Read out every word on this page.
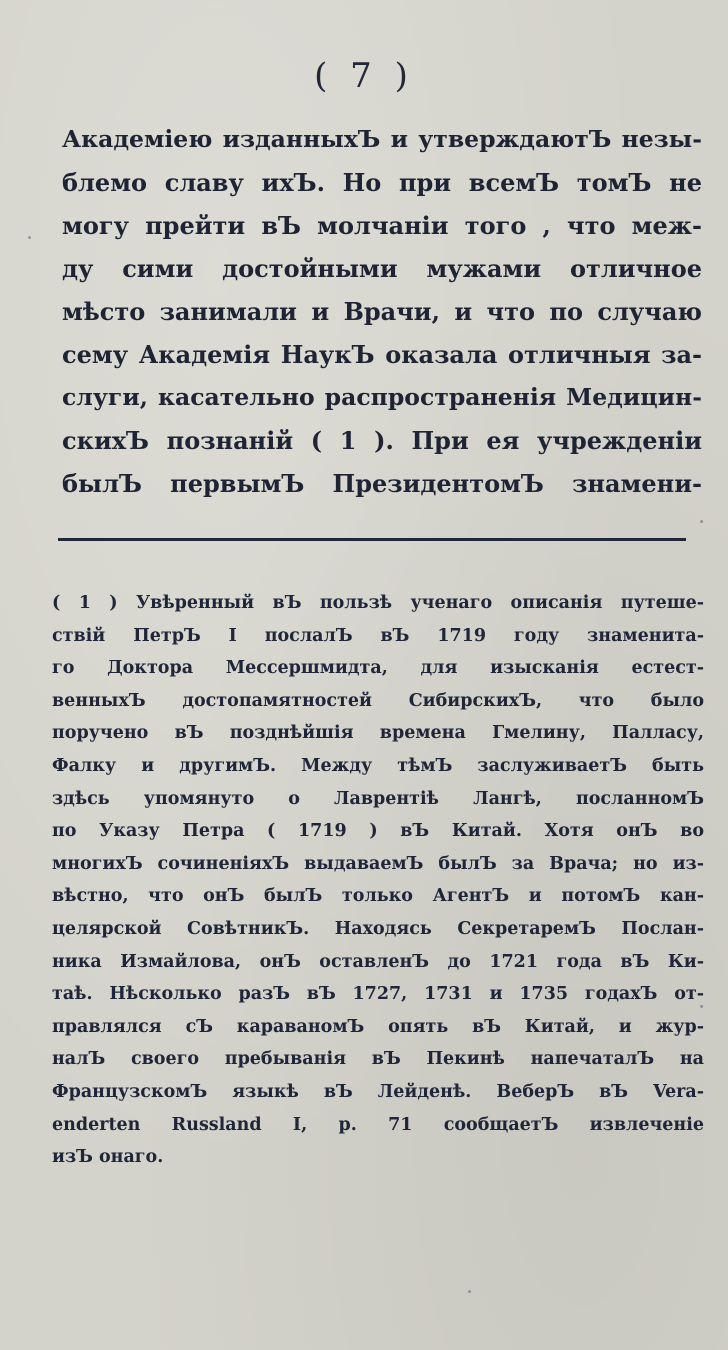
( 7 )
Академiею изданныхЪ и утверждаютЪ незы-
блемо славу ихЪ. Но при всемЪ томЪ не
могу прейти вЪ молчанiи того , что меж-
ду сими достойными мужами отличное
мѣсто занимали и Врачи, и что по случаю
сему Академiя НаукЪ оказала отличныя за-
слуги, касательно распространенiя Медицин-
скихЪ познанiй ( 1 ). При ея учрежденiи
былЪ первымЪ ПрезидентомЪ знамени-
( 1 ) Увѣренный вЪ пользѣ ученаго описанiя путеше-
ствiй ПетрЪ I послалЪ вЪ 1719 году знаменита-
го Доктора Мессершмидта, для изысканiя естест-
венныхЪ достопамятностей СибирскихЪ, что было
поручено вЪ позднѣйшiя времена Гмелину, Палласу,
Фалку и другимЪ. Между тѣмЪ заслуживаетЪ быть
здѣсь упомянуто о Лаврентiѣ Лангѣ, посланномЪ
по Указу Петра ( 1719 ) вЪ Китай. Хотя онЪ во
многихЪ сочиненiяхЪ выдаваемЪ былЪ за Врача; но из-
вѣстно, что онЪ былЪ только АгентЪ и потомЪ кан-
целярской СовѣтникЪ. Находясь СекретаремЪ Послан-
ника Измайлова, онЪ оставленЪ до 1721 года вЪ Ки-
таѣ. Нѣсколько разЪ вЪ 1727, 1731 и 1735 годахЪ от-
правлялся сЪ караваномЪ опять вЪ Китай, и жур-
налЪ своего пребыванiя вЪ Пекинѣ напечаталЪ на
ФранцузскомЪ языкѣ вЪ Лейденѣ. ВеберЪ вЪ Vera-
enderten Russland I, p. 71 сообщаетЪ извлеченiе
изЪ онаго.
